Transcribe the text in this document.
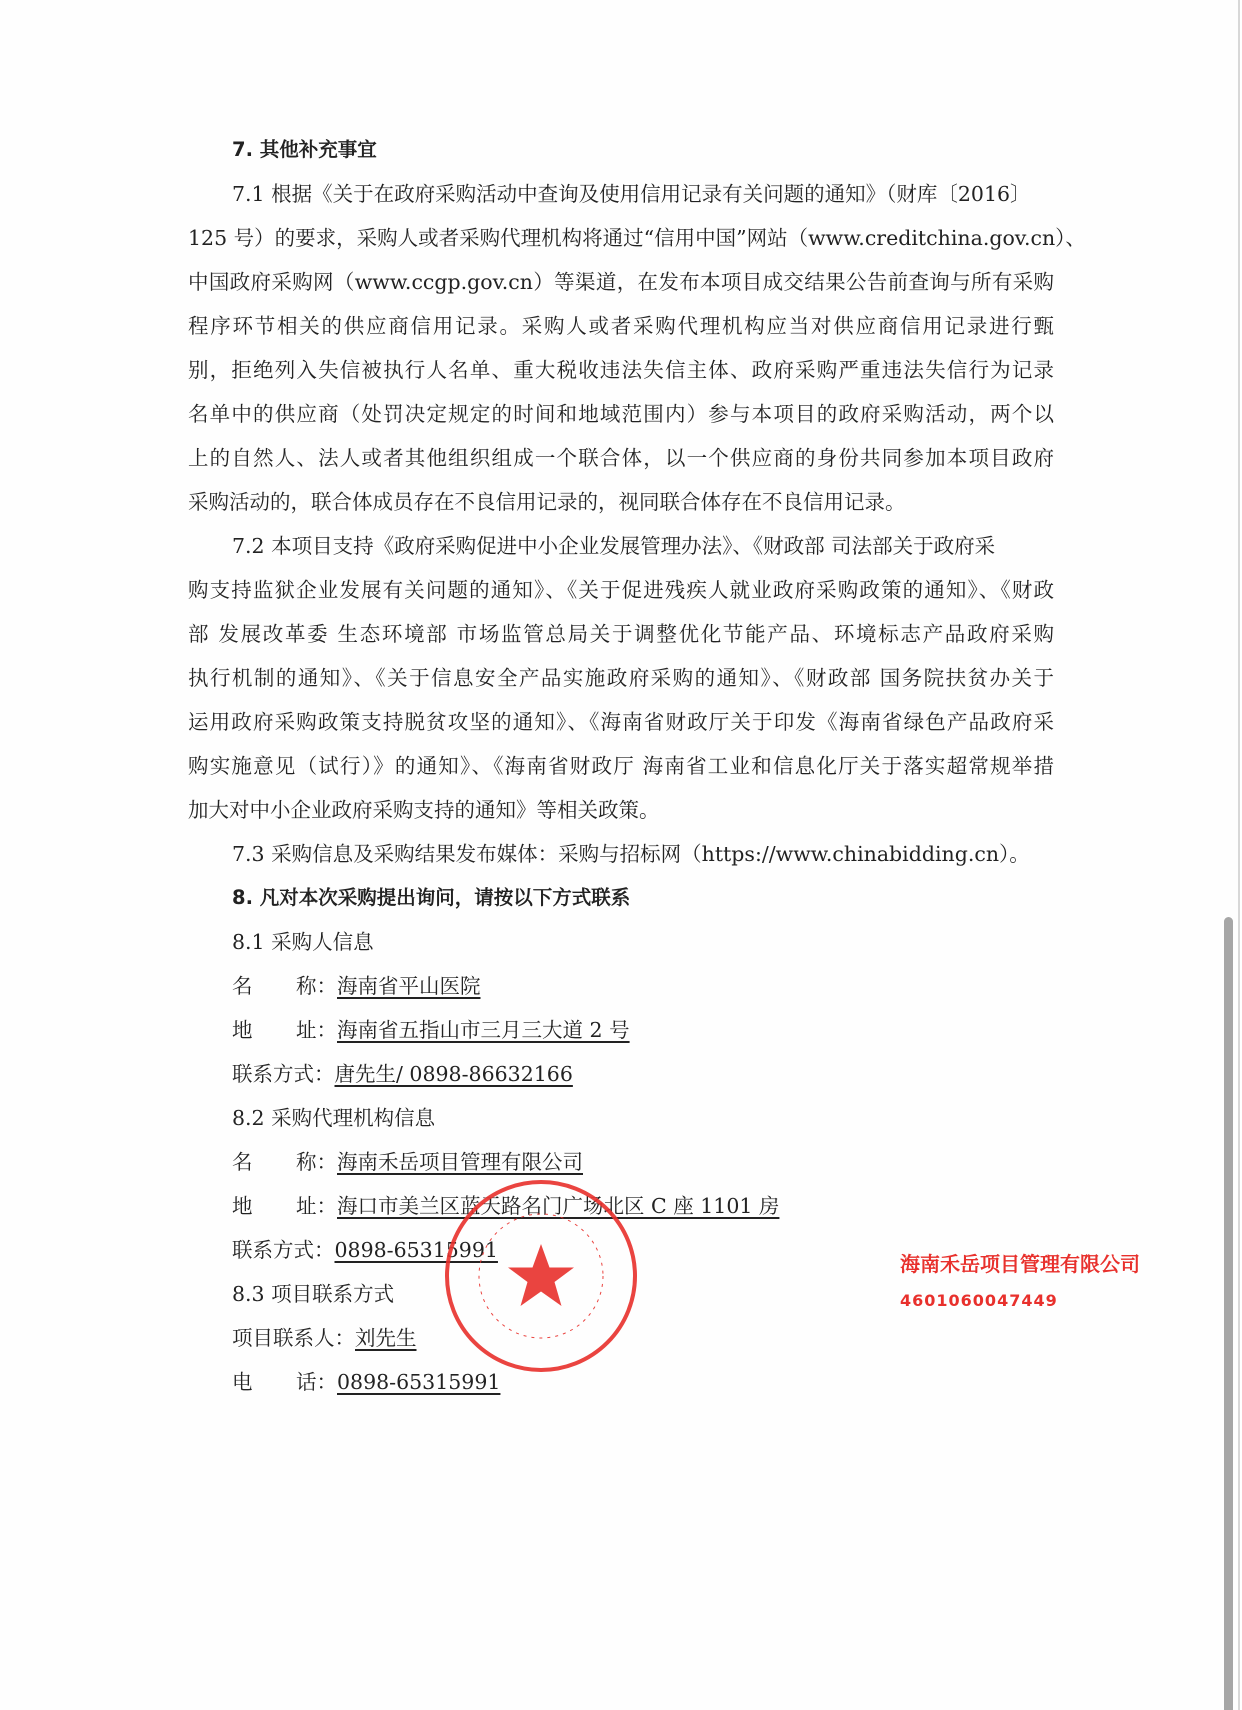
7. 其他补充事宜
7.1 根据《关于在政府采购活动中查询及使用信用记录有关问题的通知》（财库〔2016〕
125 号）的要求，采购人或者采购代理机构将通过“信用中国”网站（www.creditchina.gov.cn）、
中国政府采购网（www.ccgp.gov.cn）等渠道，在发布本项目成交结果公告前查询与所有采购
程序环节相关的供应商信用记录。采购人或者采购代理机构应当对供应商信用记录进行甄
别，拒绝列入失信被执行人名单、重大税收违法失信主体、政府采购严重违法失信行为记录
名单中的供应商（处罚决定规定的时间和地域范围内）参与本项目的政府采购活动，两个以
上的自然人、法人或者其他组织组成一个联合体，以一个供应商的身份共同参加本项目政府
采购活动的，联合体成员存在不良信用记录的，视同联合体存在不良信用记录。
7.2 本项目支持《政府采购促进中小企业发展管理办法》、《财政部 司法部关于政府采
购支持监狱企业发展有关问题的通知》、《关于促进残疾人就业政府采购政策的通知》、《财政
部 发展改革委 生态环境部 市场监管总局关于调整优化节能产品、环境标志产品政府采购
执行机制的通知》、《关于信息安全产品实施政府采购的通知》、《财政部 国务院扶贫办关于
运用政府采购政策支持脱贫攻坚的通知》、《海南省财政厅关于印发《海南省绿色产品政府采
购实施意见（试行）》的通知》、《海南省财政厅 海南省工业和信息化厅关于落实超常规举措
加大对中小企业政府采购支持的通知》等相关政策。
7.3 采购信息及采购结果发布媒体：采购与招标网（https://www.chinabidding.cn）。
8. 凡对本次采购提出询问，请按以下方式联系
8.1 采购人信息
名 称：海南省平山医院
地 址：海南省五指山市三月三大道 2 号
联系方式：唐先生/ 0898-86632166
8.2 采购代理机构信息
名 称：海南禾岳项目管理有限公司
地 址：海口市美兰区蓝天路名门广场北区 C 座 1101 房
联系方式：0898-65315991
8.3 项目联系方式
项目联系人：刘先生
电 话：0898-65315991
海南禾岳项目管理有限公司
4601060047449
